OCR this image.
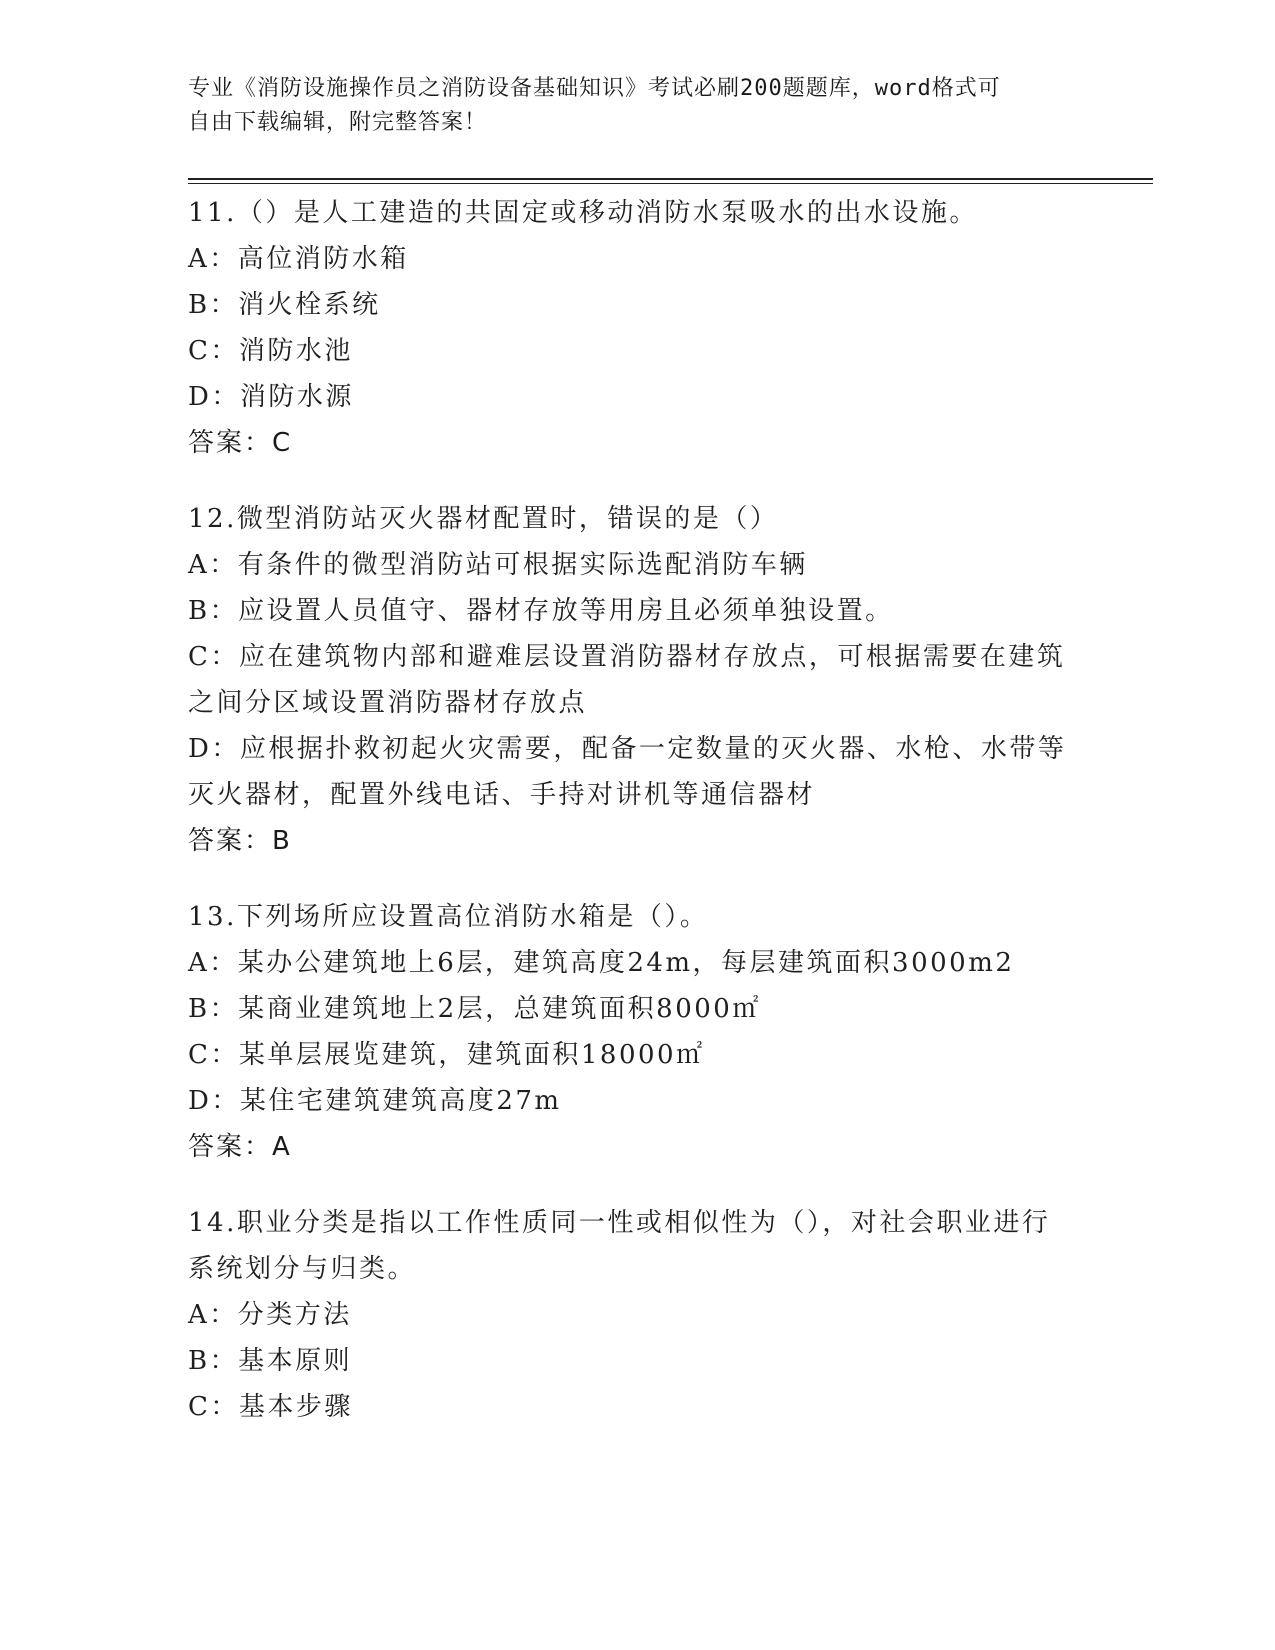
专业《消防设施操作员之消防设备基础知识》考试必刷200题题库，word格式可
自由下载编辑，附完整答案！
11.（）是人工建造的共固定或移动消防水泵吸水的出水设施。
A：高位消防水箱
B：消火栓系统
C：消防水池
D：消防水源
答案：C
12.微型消防站灭火器材配置时，错误的是（）
A：有条件的微型消防站可根据实际选配消防车辆
B：应设置人员值守、器材存放等用房且必须单独设置。
C：应在建筑物内部和避难层设置消防器材存放点，可根据需要在建筑
之间分区域设置消防器材存放点
D：应根据扑救初起火灾需要，配备一定数量的灭火器、水枪、水带等
灭火器材，配置外线电话、手持对讲机等通信器材
答案：B
13.下列场所应设置高位消防水箱是（）。
A：某办公建筑地上6层，建筑高度24m，每层建筑面积3000m2
B：某商业建筑地上2层，总建筑面积8000㎡
C：某单层展览建筑，建筑面积18000㎡
D：某住宅建筑建筑高度27m
答案：A
14.职业分类是指以工作性质同一性或相似性为（），对社会职业进行
系统划分与归类。
A：分类方法
B：基本原则
C：基本步骤
